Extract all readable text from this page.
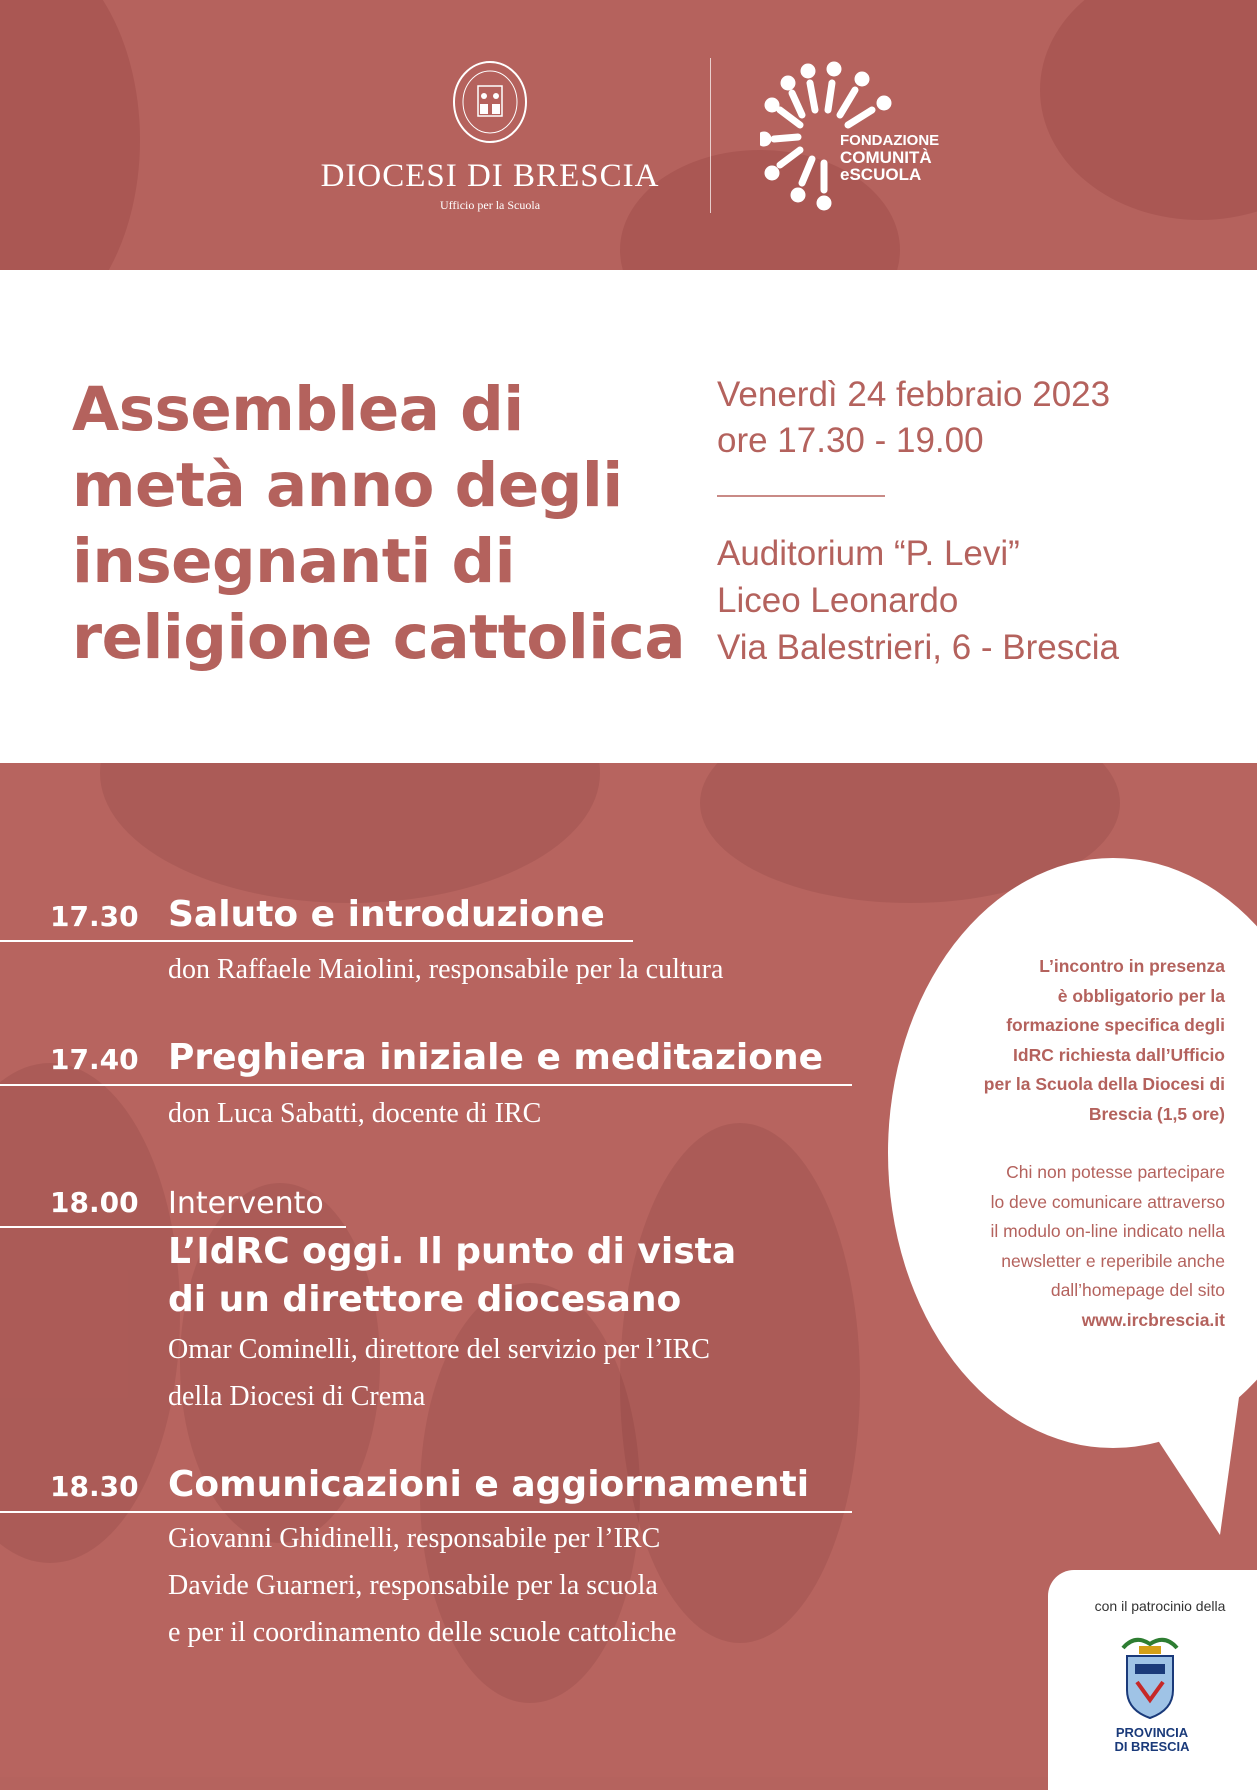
DIOCESI DI BRESCIA
Ufficio per la Scuola
FONDAZIONE
COMUNITÀ
eSCUOLA
Assemblea di
metà anno degli
insegnanti di
religione cattolica
Venerdì 24 febbraio 2023
ore 17.30 - 19.00
Auditorium “P. Levi”
Liceo Leonardo
Via Balestrieri, 6 - Brescia
17.30 Saluto e introduzione
don Raffaele Maiolini, responsabile per la cultura
17.40 Preghiera iniziale e meditazione
don Luca Sabatti, docente di IRC
18.00 Intervento
L’IdRC oggi. Il punto di vista
di un direttore diocesano
Omar Cominelli, direttore del servizio per l’IRC
della Diocesi di Crema
18.30 Comunicazioni e aggiornamenti
Giovanni Ghidinelli, responsabile per l’IRC
Davide Guarneri, responsabile per la scuola
e per il coordinamento delle scuole cattoliche
L’incontro in presenza
è obbligatorio per la
formazione specifica degli
IdRC richiesta dall’Ufficio
per la Scuola della Diocesi di
Brescia (1,5 ore)
Chi non potesse partecipare
lo deve comunicare attraverso
il modulo on-line indicato nella
newsletter e reperibile anche
dall’homepage del sito
www.ircbrescia.it
con il patrocinio della
PROVINCIA
DI BRESCIA
